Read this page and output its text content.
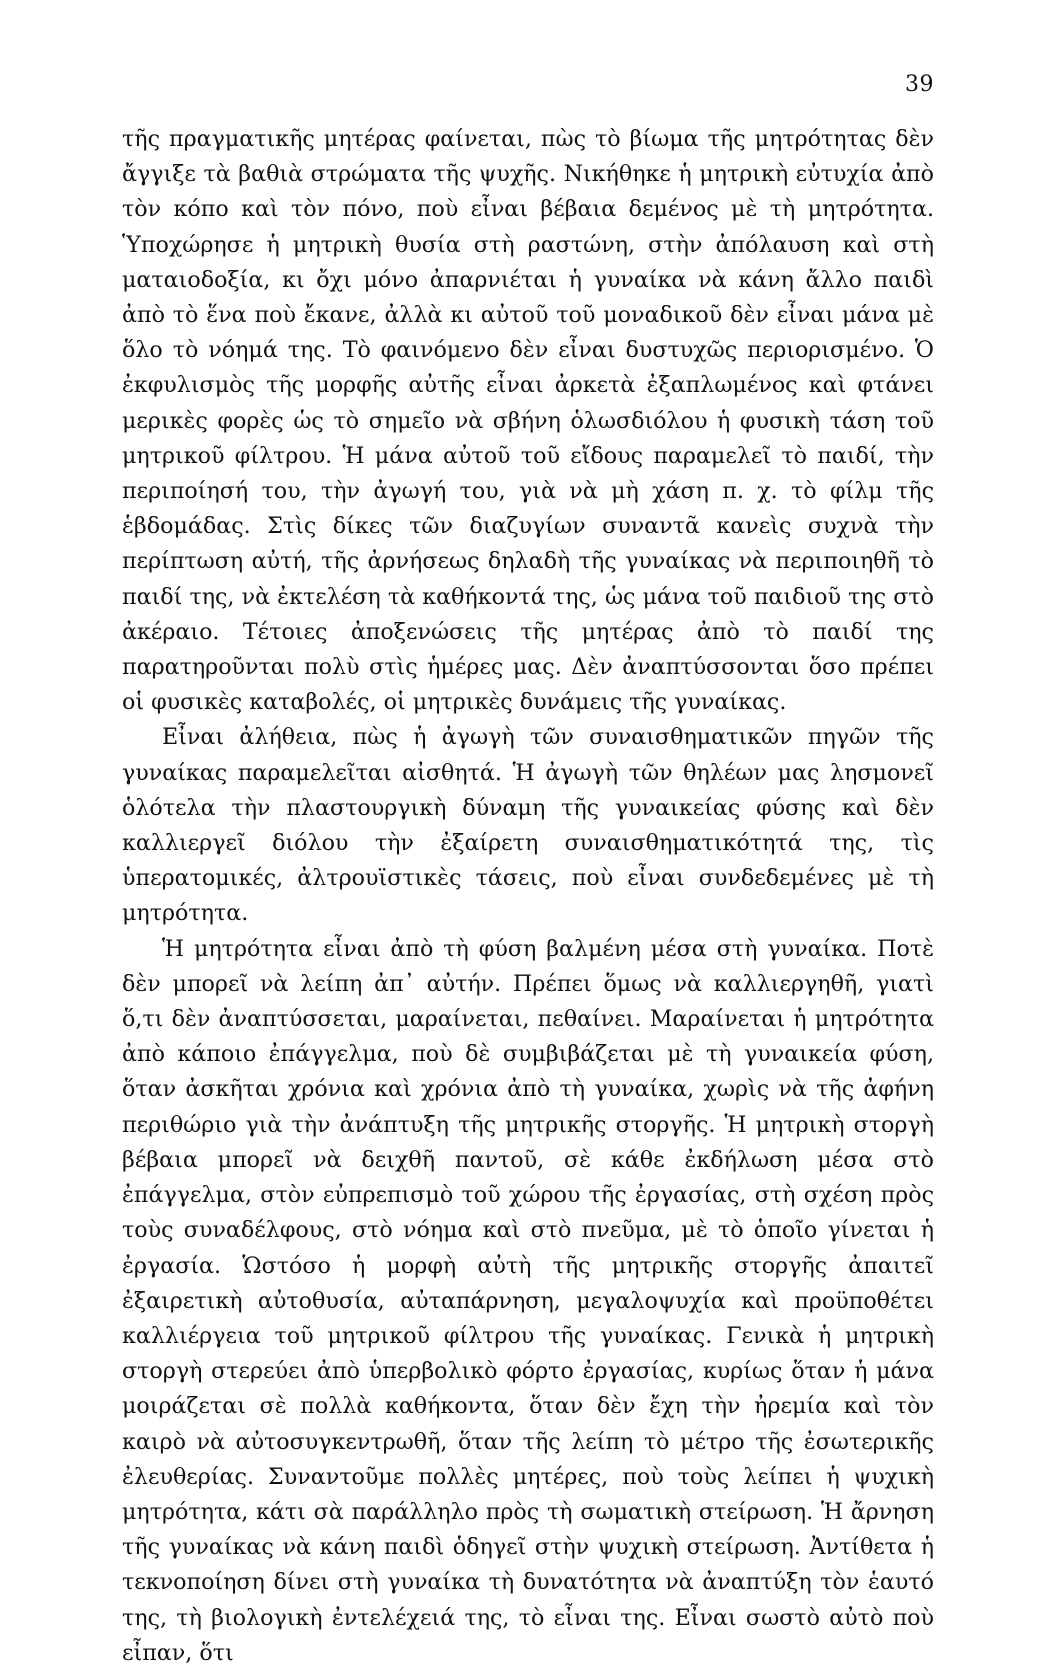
39

τῆς πραγματικῆς μητέρας φαίνεται, πὼς τὸ βίωμα τῆς μητρότητας δὲν ἄγγιξε τὰ βαθιὰ στρώματα τῆς ψυχῆς. Νικήθηκε ἡ μητρικὴ εὐτυχία ἀπὸ τὸν κόπο καὶ τὸν πόνο, ποὺ εἶναι βέβαια δεμένος μὲ τὴ μητρότητα. Ὑποχώρησε ἡ μητρικὴ θυσία στὴ ραστώνη, στὴν ἀπόλαυση καὶ στὴ ματαιοδοξία, κι ὄχι μόνο ἀπαρνιέται ἡ γυναίκα νὰ κάνη ἄλλο παιδὶ ἀπὸ τὸ ἕνα ποὺ ἔκανε, ἀλλὰ κι αὐτοῦ τοῦ μοναδικοῦ δὲν εἶναι μάνα μὲ ὅλο τὸ νόημά της. Τὸ φαινόμενο δὲν εἶναι δυστυχῶς περιορισμένο. Ὁ ἐκφυλισμὸς τῆς μορφῆς αὐτῆς εἶναι ἀρκετὰ ἐξαπλωμένος καὶ φτάνει μερικὲς φορὲς ὡς τὸ σημεῖο νὰ σβήνη ὁλωσδιόλου ἡ φυσικὴ τάση τοῦ μητρικοῦ φίλτρου. Ἡ μάνα αὐτοῦ τοῦ εἴδους παραμελεῖ τὸ παιδί, τὴν περιποίησή του, τὴν ἀγωγή του, γιὰ νὰ μὴ χάση π. χ. τὸ φίλμ τῆς ἑβδομάδας. Στὶς δίκες τῶν διαζυγίων συναντᾶ κανεὶς συχνὰ τὴν περίπτωση αὐτή, τῆς ἀρνήσεως δηλαδὴ τῆς γυναίκας νὰ περιποιηθῆ τὸ παιδί της, νὰ ἐκτελέση τὰ καθήκοντά της, ὡς μάνα τοῦ παιδιοῦ της στὸ ἀκέραιο. Τέτοιες ἀποξενώσεις τῆς μητέρας ἀπὸ τὸ παιδί της παρατηροῦνται πολὺ στὶς ἡμέρες μας. Δὲν ἀναπτύσσονται ὅσο πρέπει οἱ φυσικὲς καταβολές, οἱ μητρικὲς δυνάμεις τῆς γυναίκας.

Εἶναι ἀλήθεια, πὼς ἡ ἀγωγὴ τῶν συναισθηματικῶν πηγῶν τῆς γυναίκας παραμελεῖται αἰσθητά. Ἡ ἀγωγὴ τῶν θηλέων μας λησμονεῖ ὁλότελα τὴν πλαστουργικὴ δύναμη τῆς γυναικείας φύσης καὶ δὲν καλλιεργεῖ διόλου τὴν ἐξαίρετη συναισθηματικότητά της, τὶς ὑπερατομικές, ἀλτρουϊστικὲς τάσεις, ποὺ εἶναι συνδεδεμένες μὲ τὴ μητρότητα.

Ἡ μητρότητα εἶναι ἀπὸ τὴ φύση βαλμένη μέσα στὴ γυναίκα. Ποτὲ δὲν μπορεῖ νὰ λείπη ἀπ᾿ αὐτήν. Πρέπει ὅμως νὰ καλλιεργηθῆ, γιατὶ ὅ,τι δὲν ἀναπτύσσεται, μαραίνεται, πεθαίνει. Μαραίνεται ἡ μητρότητα ἀπὸ κάποιο ἐπάγγελμα, ποὺ δὲ συμβιβάζεται μὲ τὴ γυναικεία φύση, ὅταν ἀσκῆται χρόνια καὶ χρόνια ἀπὸ τὴ γυναίκα, χωρὶς νὰ τῆς ἀφήνη περιθώριο γιὰ τὴν ἀνάπτυξη τῆς μητρικῆς στοργῆς. Ἡ μητρικὴ στοργὴ βέβαια μπορεῖ νὰ δειχθῆ παντοῦ, σὲ κάθε ἐκδήλωση μέσα στὸ ἐπάγγελμα, στὸν εὐπρεπισμὸ τοῦ χώρου τῆς ἐργασίας, στὴ σχέση πρὸς τοὺς συναδέλφους, στὸ νόημα καὶ στὸ πνεῦμα, μὲ τὸ ὁποῖο γίνεται ἡ ἐργασία. Ὡστόσο ἡ μορφὴ αὐτὴ τῆς μητρικῆς στοργῆς ἀπαιτεῖ ἐξαιρετικὴ αὐτοθυσία, αὐταπάρνηση, μεγαλοψυχία καὶ προϋποθέτει καλλιέργεια τοῦ μητρικοῦ φίλτρου τῆς γυναίκας. Γενικὰ ἡ μητρικὴ στοργὴ στερεύει ἀπὸ ὑπερβολικὸ φόρτο ἐργασίας, κυρίως ὅταν ἡ μάνα μοιράζεται σὲ πολλὰ καθήκοντα, ὅταν δὲν ἔχη τὴν ἠρεμία καὶ τὸν καιρὸ νὰ αὐτοσυγκεντρωθῆ, ὅταν τῆς λείπη τὸ μέτρο τῆς ἐσωτερικῆς ἐλευθερίας. Συναντοῦμε πολλὲς μητέρες, ποὺ τοὺς λείπει ἡ ψυχικὴ μητρότητα, κάτι σὰ παράλληλο πρὸς τὴ σωματικὴ στείρωση. Ἡ ἄρνηση τῆς γυναίκας νὰ κάνη παιδὶ ὁδηγεῖ στὴν ψυχικὴ στείρωση. Ἀντίθετα ἡ τεκνοποίηση δίνει στὴ γυναίκα τὴ δυνατότητα νὰ ἀναπτύξη τὸν ἑαυτό της, τὴ βιολογικὴ ἐντελέχειά της, τὸ εἶναι της. Εἶναι σωστὸ αὐτὸ ποὺ εἶπαν, ὅτι
